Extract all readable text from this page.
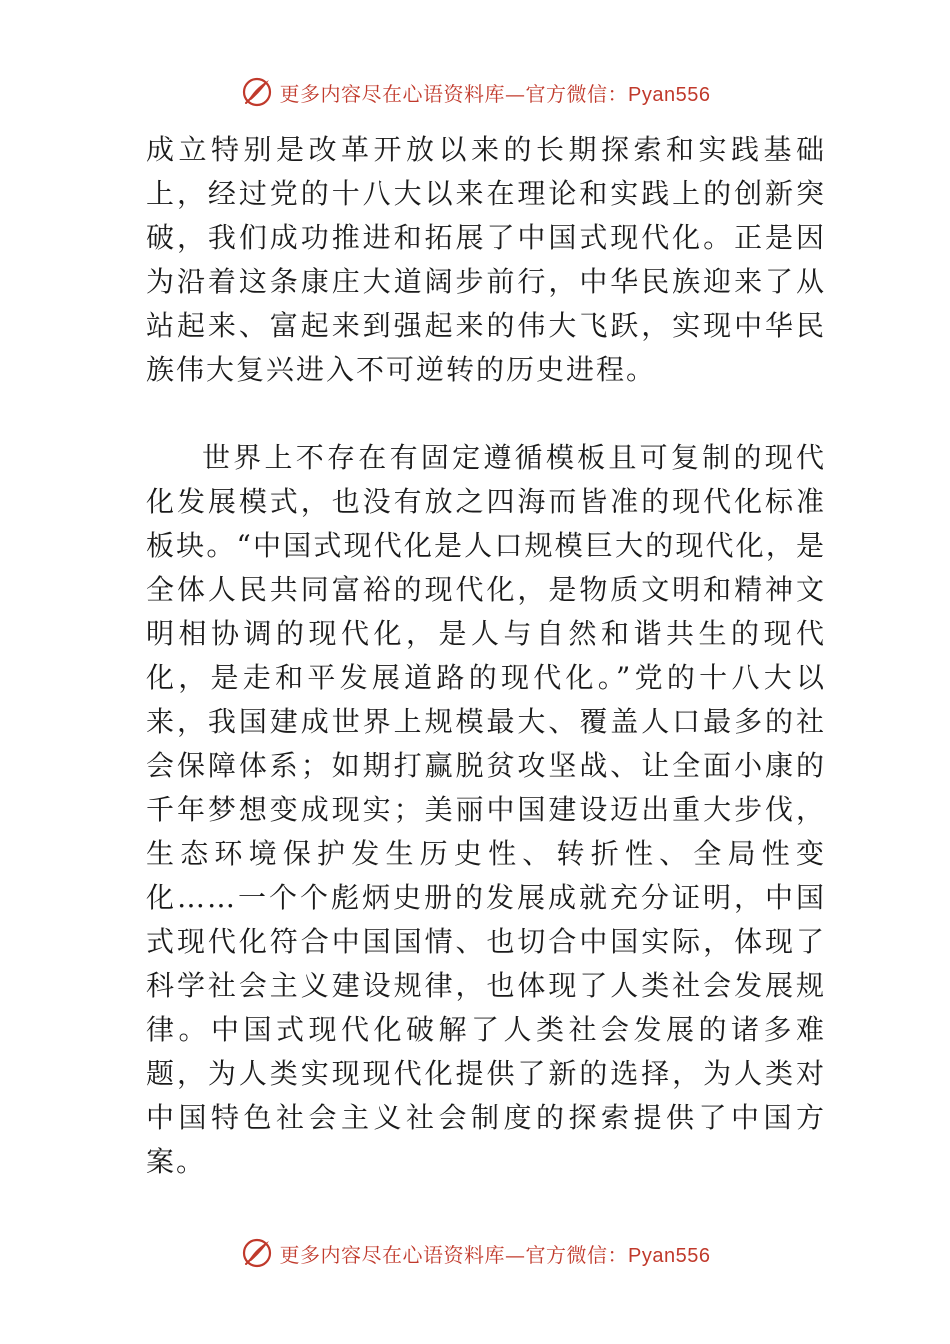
更多内容尽在心语资料库—官方微信：Pyan556

成立特别是改革开放以来的长期探索和实践基础上，经过党的十八大以来在理论和实践上的创新突破，我们成功推进和拓展了中国式现代化。正是因为沿着这条康庄大道阔步前行，中华民族迎来了从站起来、富起来到强起来的伟大飞跃，实现中华民族伟大复兴进入不可逆转的历史进程。

世界上不存在有固定遵循模板且可复制的现代化发展模式，也没有放之四海而皆准的现代化标准板块。“中国式现代化是人口规模巨大的现代化，是全体人民共同富裕的现代化，是物质文明和精神文明相协调的现代化，是人与自然和谐共生的现代化，是走和平发展道路的现代化。”党的十八大以来，我国建成世界上规模最大、覆盖人口最多的社会保障体系；如期打赢脱贫攻坚战、让全面小康的千年梦想变成现实；美丽中国建设迈出重大步伐，生态环境保护发生历史性、转折性、全局性变化……一个个彪炳史册的发展成就充分证明，中国式现代化符合中国国情、也切合中国实际，体现了科学社会主义建设规律，也体现了人类社会发展规律。中国式现代化破解了人类社会发展的诸多难题，为人类实现现代化提供了新的选择，为人类对中国特色社会主义社会制度的探索提供了中国方案。

更多内容尽在心语资料库—官方微信：Pyan556
